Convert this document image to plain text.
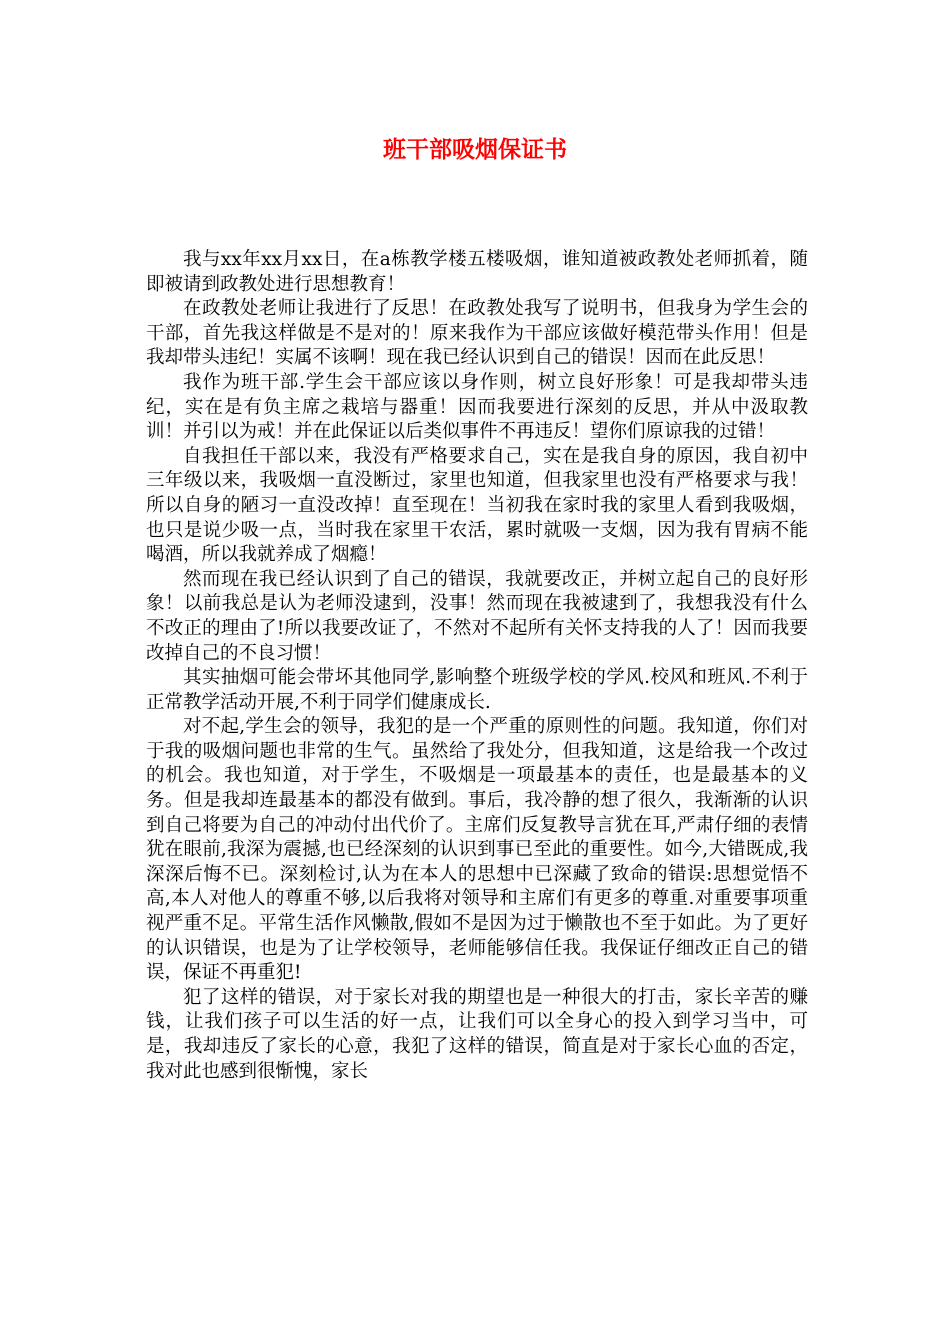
班干部吸烟保证书

我与xx年xx月xx日，在a栋教学楼五楼吸烟，谁知道被政教处老师抓着，随即被请到政教处进行思想教育！

在政教处老师让我进行了反思！在政教处我写了说明书，但我身为学生会的干部，首先我这样做是不是对的！原来我作为干部应该做好模范带头作用！但是我却带头违纪！实属不该啊！现在我已经认识到自己的错误！因而在此反思！

我作为班干部.学生会干部应该以身作则，树立良好形象！可是我却带头违纪，实在是有负主席之栽培与器重！因而我要进行深刻的反思，并从中汲取教训！并引以为戒！并在此保证以后类似事件不再违反！望你们原谅我的过错！

自我担任干部以来，我没有严格要求自己，实在是我自身的原因，我自初中三年级以来，我吸烟一直没断过，家里也知道，但我家里也没有严格要求与我！所以自身的陋习一直没改掉！直至现在！当初我在家时我的家里人看到我吸烟，也只是说少吸一点，当时我在家里干农活，累时就吸一支烟，因为我有胃病不能喝酒，所以我就养成了烟瘾！

然而现在我已经认识到了自己的错误，我就要改正，并树立起自己的良好形象！以前我总是认为老师没逮到，没事！然而现在我被逮到了，我想我没有什么不改正的理由了!所以我要改证了，不然对不起所有关怀支持我的人了！因而我要改掉自己的不良习惯！

其实抽烟可能会带坏其他同学,影响整个班级学校的学风.校风和班风.不利于正常教学活动开展,不利于同学们健康成长.

对不起,学生会的领导，我犯的是一个严重的原则性的问题。我知道，你们对于我的吸烟问题也非常的生气。虽然给了我处分，但我知道，这是给我一个改过的机会。我也知道，对于学生，不吸烟是一项最基本的责任，也是最基本的义务。但是我却连最基本的都没有做到。事后，我冷静的想了很久，我渐渐的认识到自己将要为自己的冲动付出代价了。主席们反复教导言犹在耳,严肃仔细的表情犹在眼前,我深为震撼,也已经深刻的认识到事已至此的重要性。如今,大错既成,我深深后悔不已。深刻检讨,认为在本人的思想中已深藏了致命的错误:思想觉悟不高,本人对他人的尊重不够,以后我将对领导和主席们有更多的尊重.对重要事项重视严重不足。平常生活作风懒散,假如不是因为过于懒散也不至于如此。为了更好的认识错误，也是为了让学校领导，老师能够信任我。我保证仔细改正自己的错误，保证不再重犯!

犯了这样的错误，对于家长对我的期望也是一种很大的打击，家长辛苦的赚钱，让我们孩子可以生活的好一点，让我们可以全身心的投入到学习当中，可是，我却违反了家长的心意，我犯了这样的错误，简直是对于家长心血的否定，我对此也感到很惭愧，家长
